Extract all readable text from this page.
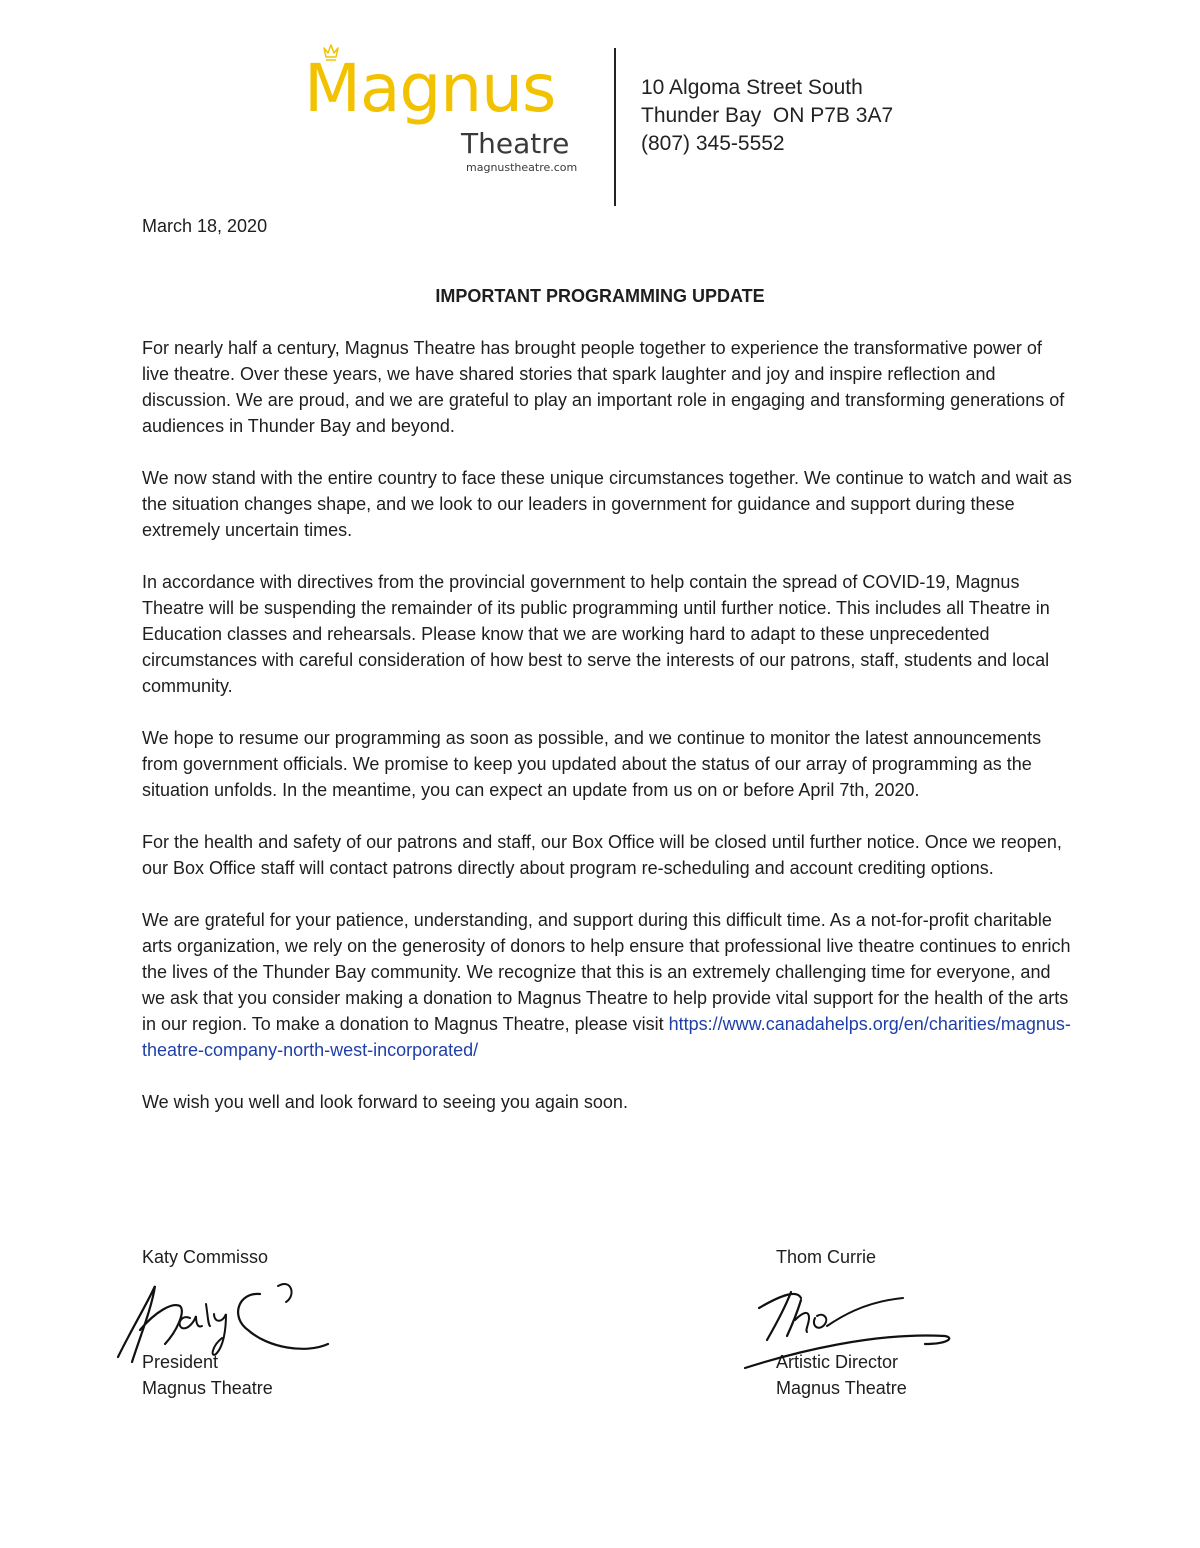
Magnus
Theatre
magnustheatre.com
10 Algoma Street South
Thunder Bay  ON P7B 3A7
(807) 345-5552
March 18, 2020
IMPORTANT PROGRAMMING UPDATE

For nearly half a century, Magnus Theatre has brought people together to experience the transformative power of live theatre. Over these years, we have shared stories that spark laughter and joy and inspire reflection and discussion. We are proud, and we are grateful to play an important role in engaging and transforming generations of audiences in Thunder Bay and beyond.

We now stand with the entire country to face these unique circumstances together. We continue to watch and wait as the situation changes shape, and we look to our leaders in government for guidance and support during these extremely uncertain times.

In accordance with directives from the provincial government to help contain the spread of COVID-19, Magnus Theatre will be suspending the remainder of its public programming until further notice. This includes all Theatre in Education classes and rehearsals. Please know that we are working hard to adapt to these unprecedented circumstances with careful consideration of how best to serve the interests of our patrons, staff, students and local community.

We hope to resume our programming as soon as possible, and we continue to monitor the latest announcements from government officials. We promise to keep you updated about the status of our array of programming as the situation unfolds. In the meantime, you can expect an update from us on or before April 7th, 2020.

For the health and safety of our patrons and staff, our Box Office will be closed until further notice. Once we reopen, our Box Office staff will contact patrons directly about program re-scheduling and account crediting options.

We are grateful for your patience, understanding, and support during this difficult time. As a not-for-profit charitable arts organization, we rely on the generosity of donors to help ensure that professional live theatre continues to enrich the lives of the Thunder Bay community. We recognize that this is an extremely challenging time for everyone, and we ask that you consider making a donation to Magnus Theatre to help provide vital support for the health of the arts in our region. To make a donation to Magnus Theatre, please visit https://www.canadahelps.org/en/charities/magnus-theatre-company-north-west-incorporated/

We wish you well and look forward to seeing you again soon.

Katy Commisso
President
Magnus Theatre
Thom Currie
Artistic Director
Magnus Theatre
